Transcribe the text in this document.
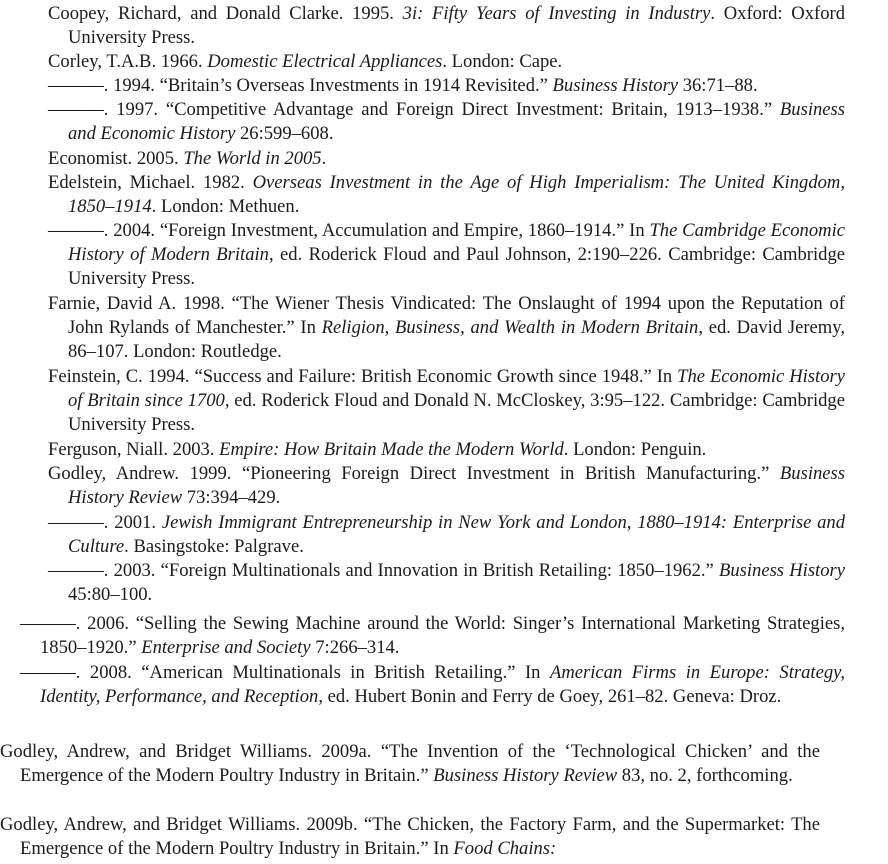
Coopey, Richard, and Donald Clarke. 1995. 3i: Fifty Years of Investing in Industry. Oxford: Oxford University Press.
Corley, T.A.B. 1966. Domestic Electrical Appliances. London: Cape.
———. 1994. “Britain’s Overseas Investments in 1914 Revisited.” Business History 36:71–88.
———. 1997. “Competitive Advantage and Foreign Direct Investment: Britain, 1913–1938.” Business and Economic History 26:599–608.
Economist. 2005. The World in 2005.
Edelstein, Michael. 1982. Overseas Investment in the Age of High Imperialism: The United Kingdom, 1850–1914. London: Methuen.
———. 2004. “Foreign Investment, Accumulation and Empire, 1860–1914.” In The Cambridge Economic History of Modern Britain, ed. Roderick Floud and Paul Johnson, 2:190–226. Cambridge: Cambridge University Press.
Farnie, David A. 1998. “The Wiener Thesis Vindicated: The Onslaught of 1994 upon the Reputation of John Rylands of Manchester.” In Religion, Business, and Wealth in Modern Britain, ed. David Jeremy, 86–107. London: Routledge.
Feinstein, C. 1994. “Success and Failure: British Economic Growth since 1948.” In The Economic History of Britain since 1700, ed. Roderick Floud and Donald N. McCloskey, 3:95–122. Cambridge: Cambridge University Press.
Ferguson, Niall. 2003. Empire: How Britain Made the Modern World. London: Penguin.
Godley, Andrew. 1999. “Pioneering Foreign Direct Investment in British Manufacturing.” Business History Review 73:394–429.
———. 2001. Jewish Immigrant Entrepreneurship in New York and London, 1880–1914: Enterprise and Culture. Basingstoke: Palgrave.
———. 2003. “Foreign Multinationals and Innovation in British Retailing: 1850–1962.” Business History 45:80–100.
———. 2006. “Selling the Sewing Machine around the World: Singer’s International Marketing Strategies, 1850–1920.” Enterprise and Society 7:266–314.
———. 2008. “American Multinationals in British Retailing.” In American Firms in Europe: Strategy, Identity, Performance, and Reception, ed. Hubert Bonin and Ferry de Goey, 261–82. Geneva: Droz.
Godley, Andrew, and Bridget Williams. 2009a. “The Invention of the ‘Technological Chicken’ and the Emergence of the Modern Poultry Industry in Britain.” Business History Review 83, no. 2, forthcoming.
Godley, Andrew, and Bridget Williams. 2009b. “The Chicken, the Factory Farm, and the Supermarket: The Emergence of the Modern Poultry Industry in Britain.” In Food Chains:
